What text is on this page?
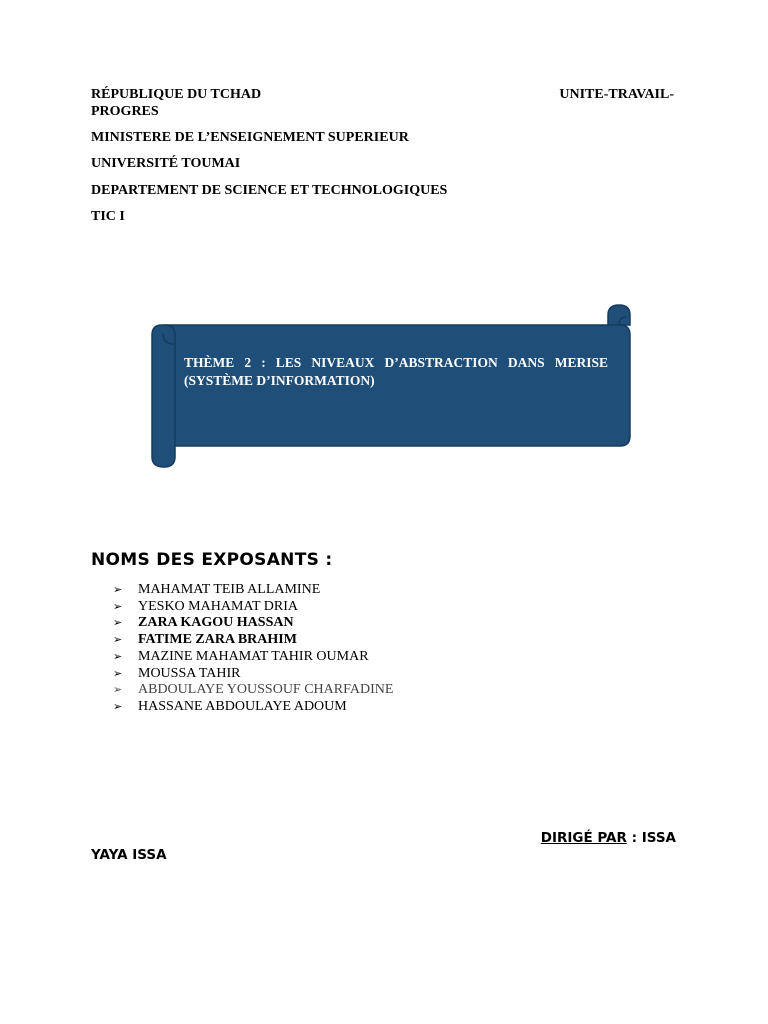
RÉPUBLIQUE DU TCHAD	UNITE-TRAVAIL-
PROGRES
MINISTERE DE L’ENSEIGNEMENT SUPERIEUR
UNIVERSITÉ TOUMAI
DEPARTEMENT DE SCIENCE ET TECHNOLOGIQUES
TIC I
THÈME 2 : LES NIVEAUX D’ABSTRACTION DANS MERISE (SYSTÈME D’INFORMATION)
NOMS DES EXPOSANTS :
➢ MAHAMAT TEIB ALLAMINE
➢ YESKO MAHAMAT DRIA
➢ ZARA KAGOU HASSAN
➢ FATIME ZARA BRAHIM
➢ MAZINE MAHAMAT TAHIR OUMAR
➢ MOUSSA TAHIR
➢ ABDOULAYE YOUSSOUF CHARFADINE
➢ HASSANE ABDOULAYE ADOUM
DIRIGÉ PAR : ISSA
YAYA ISSA
